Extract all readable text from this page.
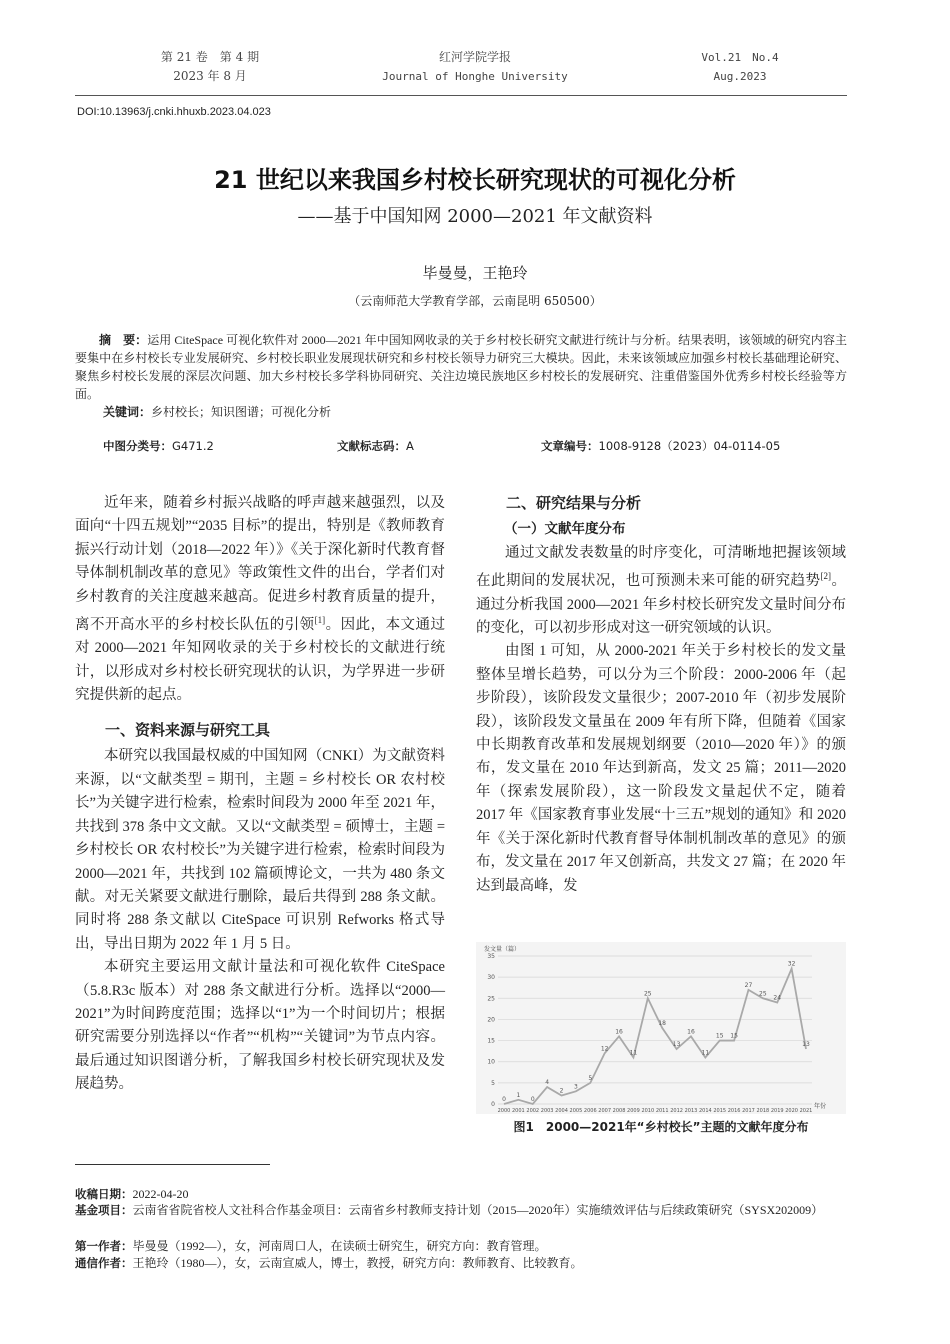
第 21 卷　第 4 期
2023 年 8 月
红河学院学报
Journal of Honghe University
Vol.21　No.4
Aug.2023
DOI:10.13963/j.cnki.hhuxb.2023.04.023
21 世纪以来我国乡村校长研究现状的可视化分析
——基于中国知网 2000—2021 年文献资料
毕曼曼，王艳玲
（云南师范大学教育学部，云南昆明 650500）
摘　要：运用 CiteSpace 可视化软件对 2000—2021 年中国知网收录的关于乡村校长研究文献进行统计与分析。结果表明，该领域的研究内容主要集中在乡村校长专业发展研究、乡村校长职业发展现状研究和乡村校长领导力研究三大模块。因此，未来该领域应加强乡村校长基础理论研究、聚焦乡村校长发展的深层次问题、加大乡村校长多学科协同研究、关注边境民族地区乡村校长的发展研究、注重借鉴国外优秀乡村校长经验等方面。
关键词：乡村校长；知识图谱；可视化分析
中图分类号：G471.2	文献标志码：A	文章编号：1008-9128（2023）04-0114-05

近年来，随着乡村振兴战略的呼声越来越强烈，以及面向“十四五规划”“2035 目标”的提出，特别是《教师教育振兴行动计划（2018—2022 年）》《关于深化新时代教育督导体制机制改革的意见》等政策性文件的出台，学者们对乡村教育的关注度越来越高。促进乡村教育质量的提升，离不开高水平的乡村校长队伍的引领[1]。因此，本文通过对 2000—2021 年知网收录的关于乡村校长的文献进行统计，以形成对乡村校长研究现状的认识，为学界进一步研究提供新的起点。

一、资料来源与研究工具

本研究以我国最权威的中国知网（CNKI）为文献资料来源，以“文献类型 = 期刊，主题 = 乡村校长 OR 农村校长”为关键字进行检索，检索时间段为 2000 年至 2021 年，共找到 378 条中文文献。又以“文献类型 = 硕博士，主题 = 乡村校长 OR 农村校长”为关键字进行检索，检索时间段为 2000—2021 年，共找到 102 篇硕博论文，一共为 480 条文献。对无关紧要文献进行删除，最后共得到 288 条文献。同时将 288 条文献以 CiteSpace 可识别 Refworks 格式导出，导出日期为 2022 年 1 月 5 日。

本研究主要运用文献计量法和可视化软件 CiteSpace（5.8.R3c 版本）对 288 条文献进行分析。选择以“2000—2021”为时间跨度范围；选择以“1”为一个时间切片；根据研究需要分别选择以“作者”“机构”“关键词”为节点内容。最后通过知识图谱分析，了解我国乡村校长研究现状及发展趋势。

二、研究结果与分析
（一）文献年度分布

通过文献发表数量的时序变化，可清晰地把握该领域在此期间的发展状况，也可预测未来可能的研究趋势[2]。通过分析我国 2000—2021 年乡村校长研究发文量时间分布的变化，可以初步形成对这一研究领域的认识。

由图 1 可知，从 2000-2021 年关于乡村校长的发文量整体呈增长趋势，可以分为三个阶段：2000-2006 年（起步阶段），该阶段发文量很少；2007-2010 年（初步发展阶段），该阶段发文量虽在 2009 年有所下降，但随着《国家中长期教育改革和发展规划纲要（2010—2020 年）》的颁布，发文量在 2010 年达到新高，发文 25 篇；2011—2020 年（探索发展阶段），这一阶段发文量起伏不定，随着 2017 年《国家教育事业发展“十三五”规划的通知》和 2020 年《关于深化新时代教育督导体制机制改革的意见》的颁布，发文量在 2017 年又创新高，共发文 27 篇；在 2020 年达到最高峰，发

发文量（篇）
年份
0
5
10
15
20
25
30
35
2000 2001 2002 2003 2004 2005 2006 2007 2008 2009 2010 2011 2012 2013 2014 2015 2016 2017 2018 2019 2020 2021
0
1
0
4
2
3
5
12
16
11
25
18
13
16
11
15 15
27
25
24
32
13
图1　2000—2021年“乡村校长”主题的文献年度分布
收稿日期：2022-04-20
基金项目：云南省省院省校人文社科合作基金项目：云南省乡村教师支持计划（2015—2020年）实施绩效评估与后续政策研究（SYSX202009）
第一作者：毕曼曼（1992—），女，河南周口人，在读硕士研究生，研究方向：教育管理。
通信作者：王艳玲（1980—），女，云南宣威人，博士，教授，研究方向：教师教育、比较教育。
